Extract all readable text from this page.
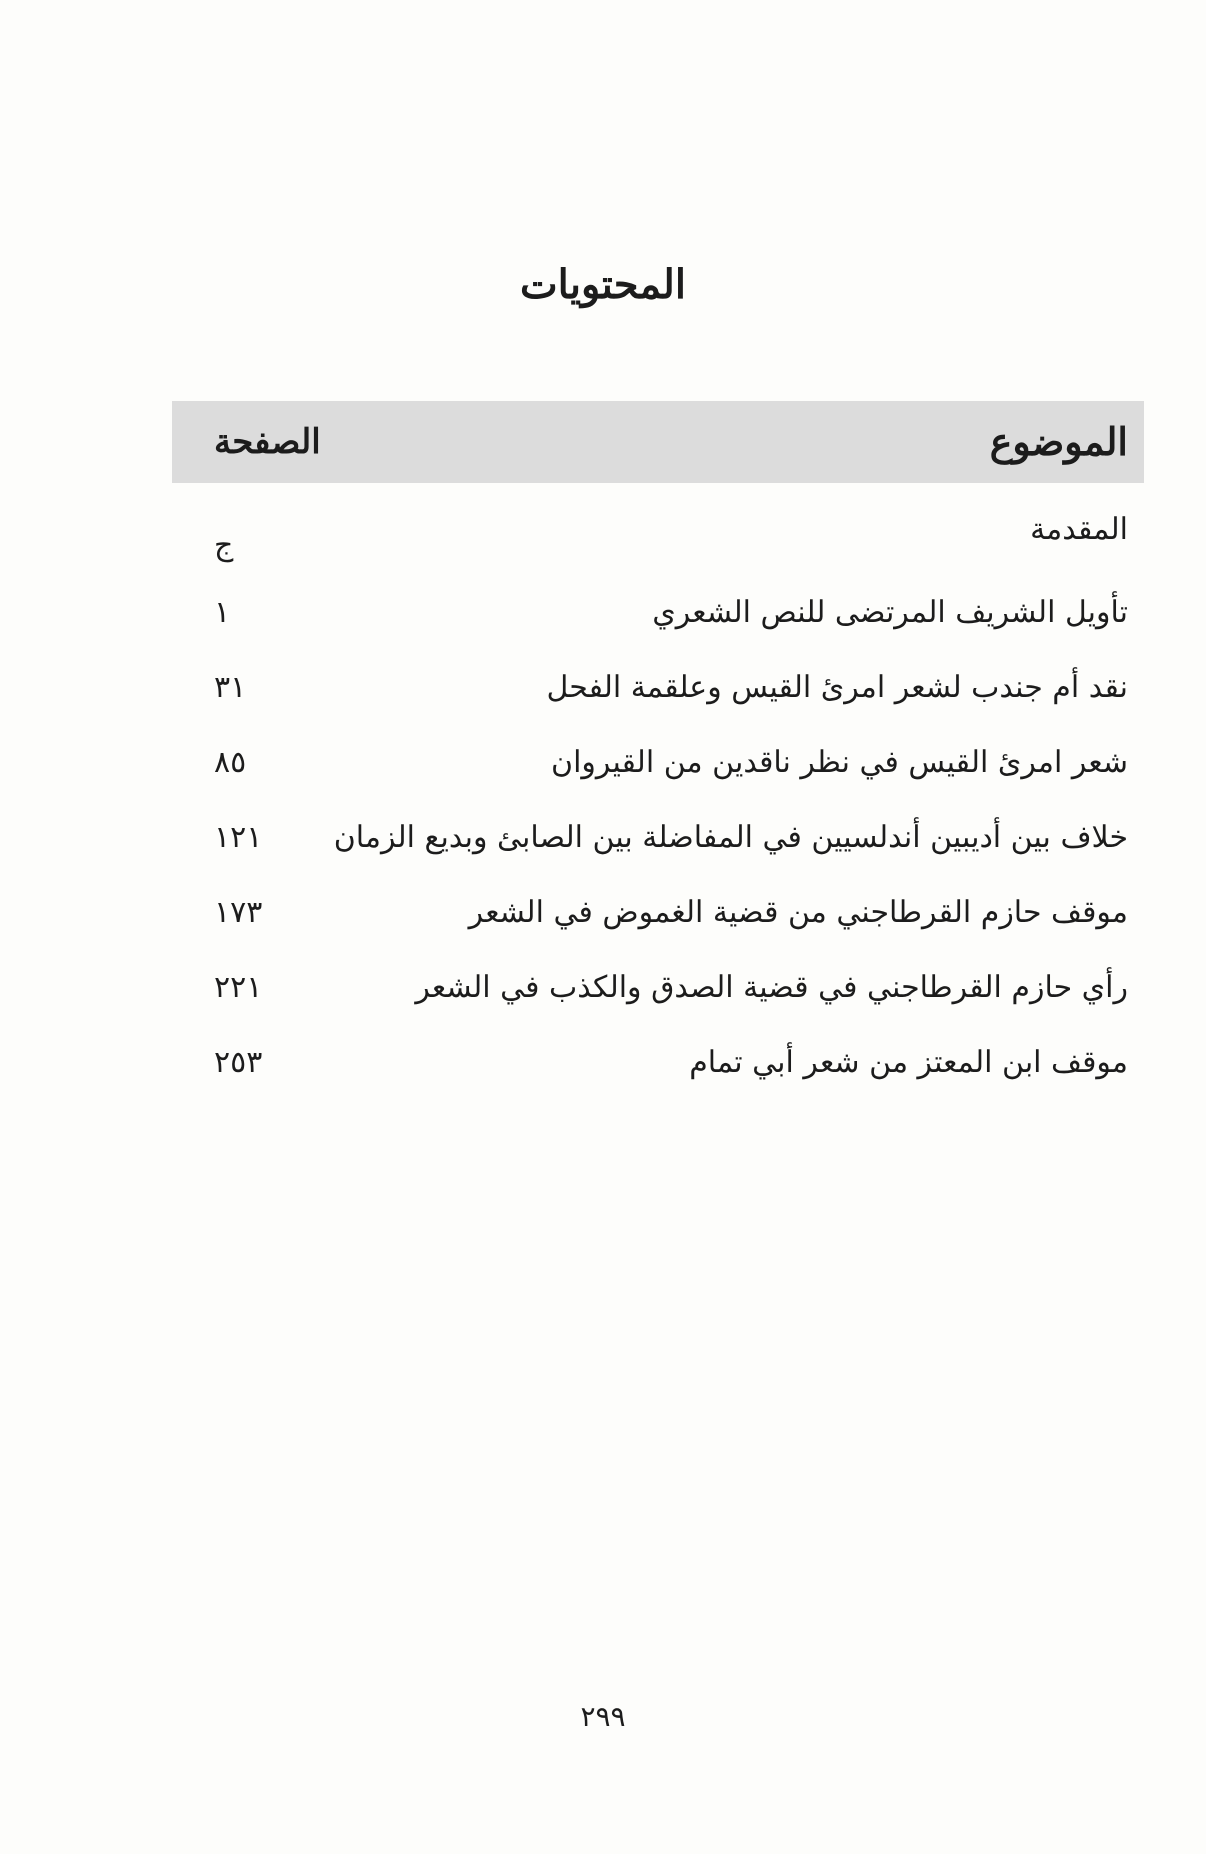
المحتويات
الموضوع
الصفحة
المقدمة
ج
تأويل الشريف المرتضى للنص الشعري
١
نقد أم جندب لشعر امرئ القيس وعلقمة الفحل
٣١
شعر امرئ القيس في نظر ناقدين من القيروان
٨٥
خلاف بين أديبين أندلسيين في المفاضلة بين الصابئ وبديع الزمان
١٢١
موقف حازم القرطاجني من قضية الغموض في الشعر
١٧٣
رأي حازم القرطاجني في قضية الصدق والكذب في الشعر
٢٢١
موقف ابن المعتز من شعر أبي تمام
٢٥٣
٢٩٩
